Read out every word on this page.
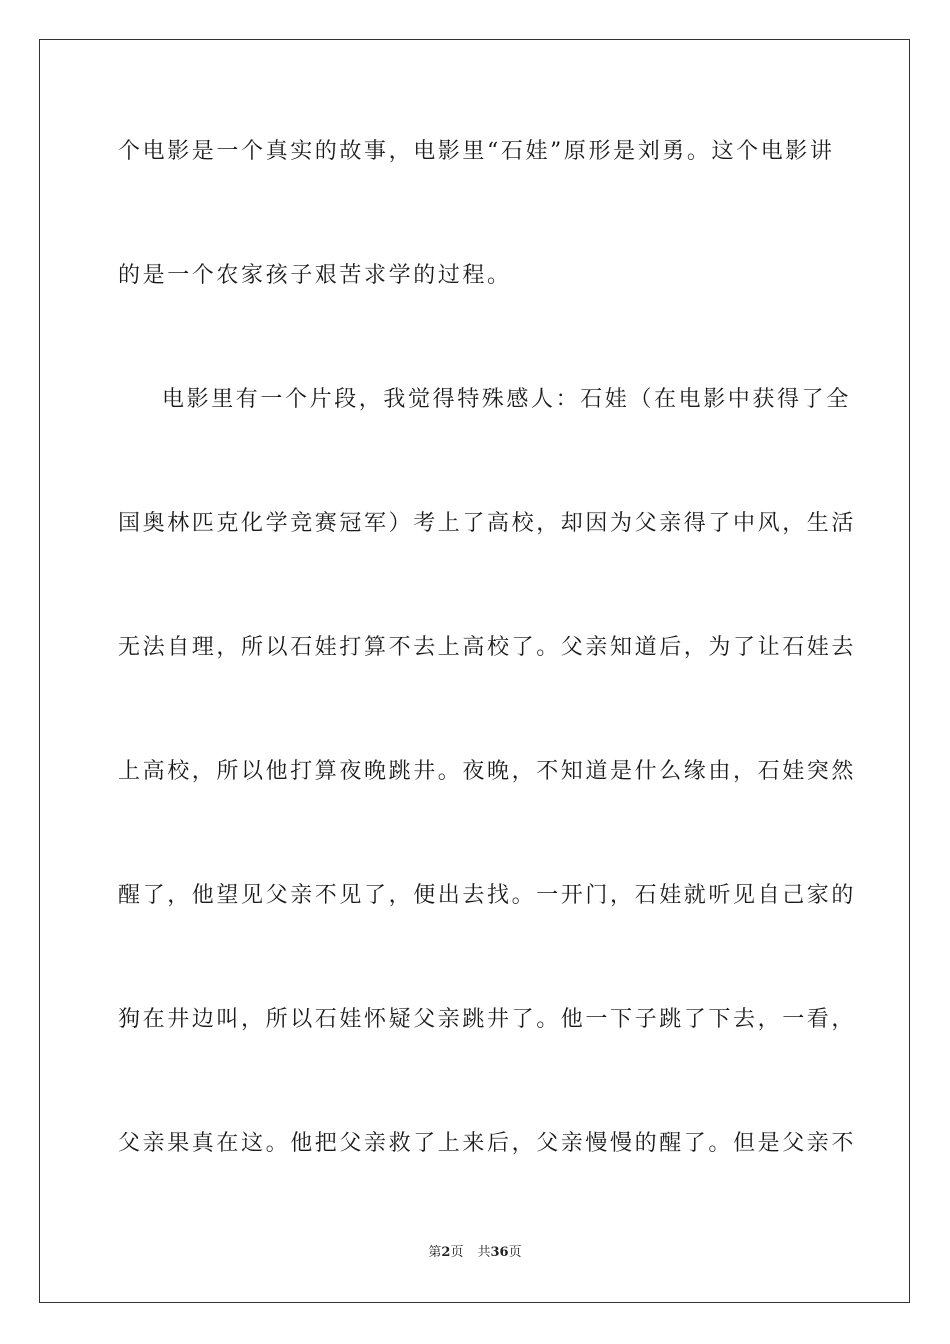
个电影是一个真实的故事，电影里“石娃”原形是刘勇。这个电影讲
的是一个农家孩子艰苦求学的过程。
电影里有一个片段，我觉得特殊感人：石娃（在电影中获得了全
国奥林匹克化学竞赛冠军）考上了高校，却因为父亲得了中风，生活
无法自理，所以石娃打算不去上高校了。父亲知道后，为了让石娃去
上高校，所以他打算夜晚跳井。夜晚，不知道是什么缘由，石娃突然
醒了，他望见父亲不见了，便出去找。一开门，石娃就听见自己家的
狗在井边叫，所以石娃怀疑父亲跳井了。他一下子跳了下去，一看，
父亲果真在这。他把父亲救了上来后，父亲慢慢的醒了。但是父亲不
第2页 共36页
